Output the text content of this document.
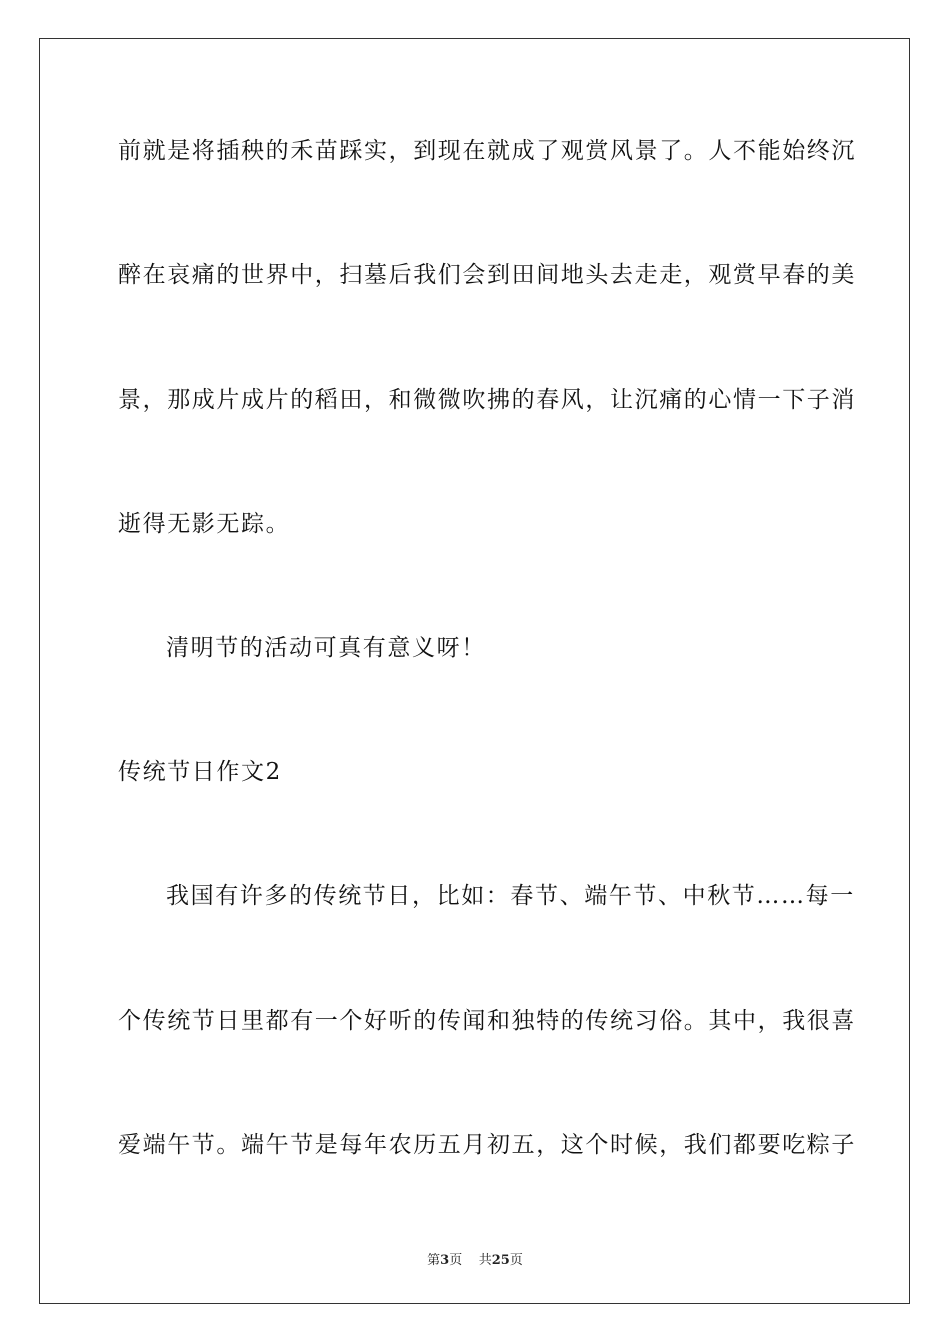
前就是将插秧的禾苗踩实，到现在就成了观赏风景了。人不能始终沉

醉在哀痛的世界中，扫墓后我们会到田间地头去走走，观赏早春的美

景，那成片成片的稻田，和微微吹拂的春风，让沉痛的心情一下子消

逝得无影无踪。

清明节的活动可真有意义呀！

传统节日作文2

我国有许多的传统节日，比如：春节、端午节、中秋节……每一

个传统节日里都有一个好听的传闻和独特的传统习俗。其中，我很喜

爱端午节。端午节是每年农历五月初五，这个时候，我们都要吃粽子

第3页 共25页
